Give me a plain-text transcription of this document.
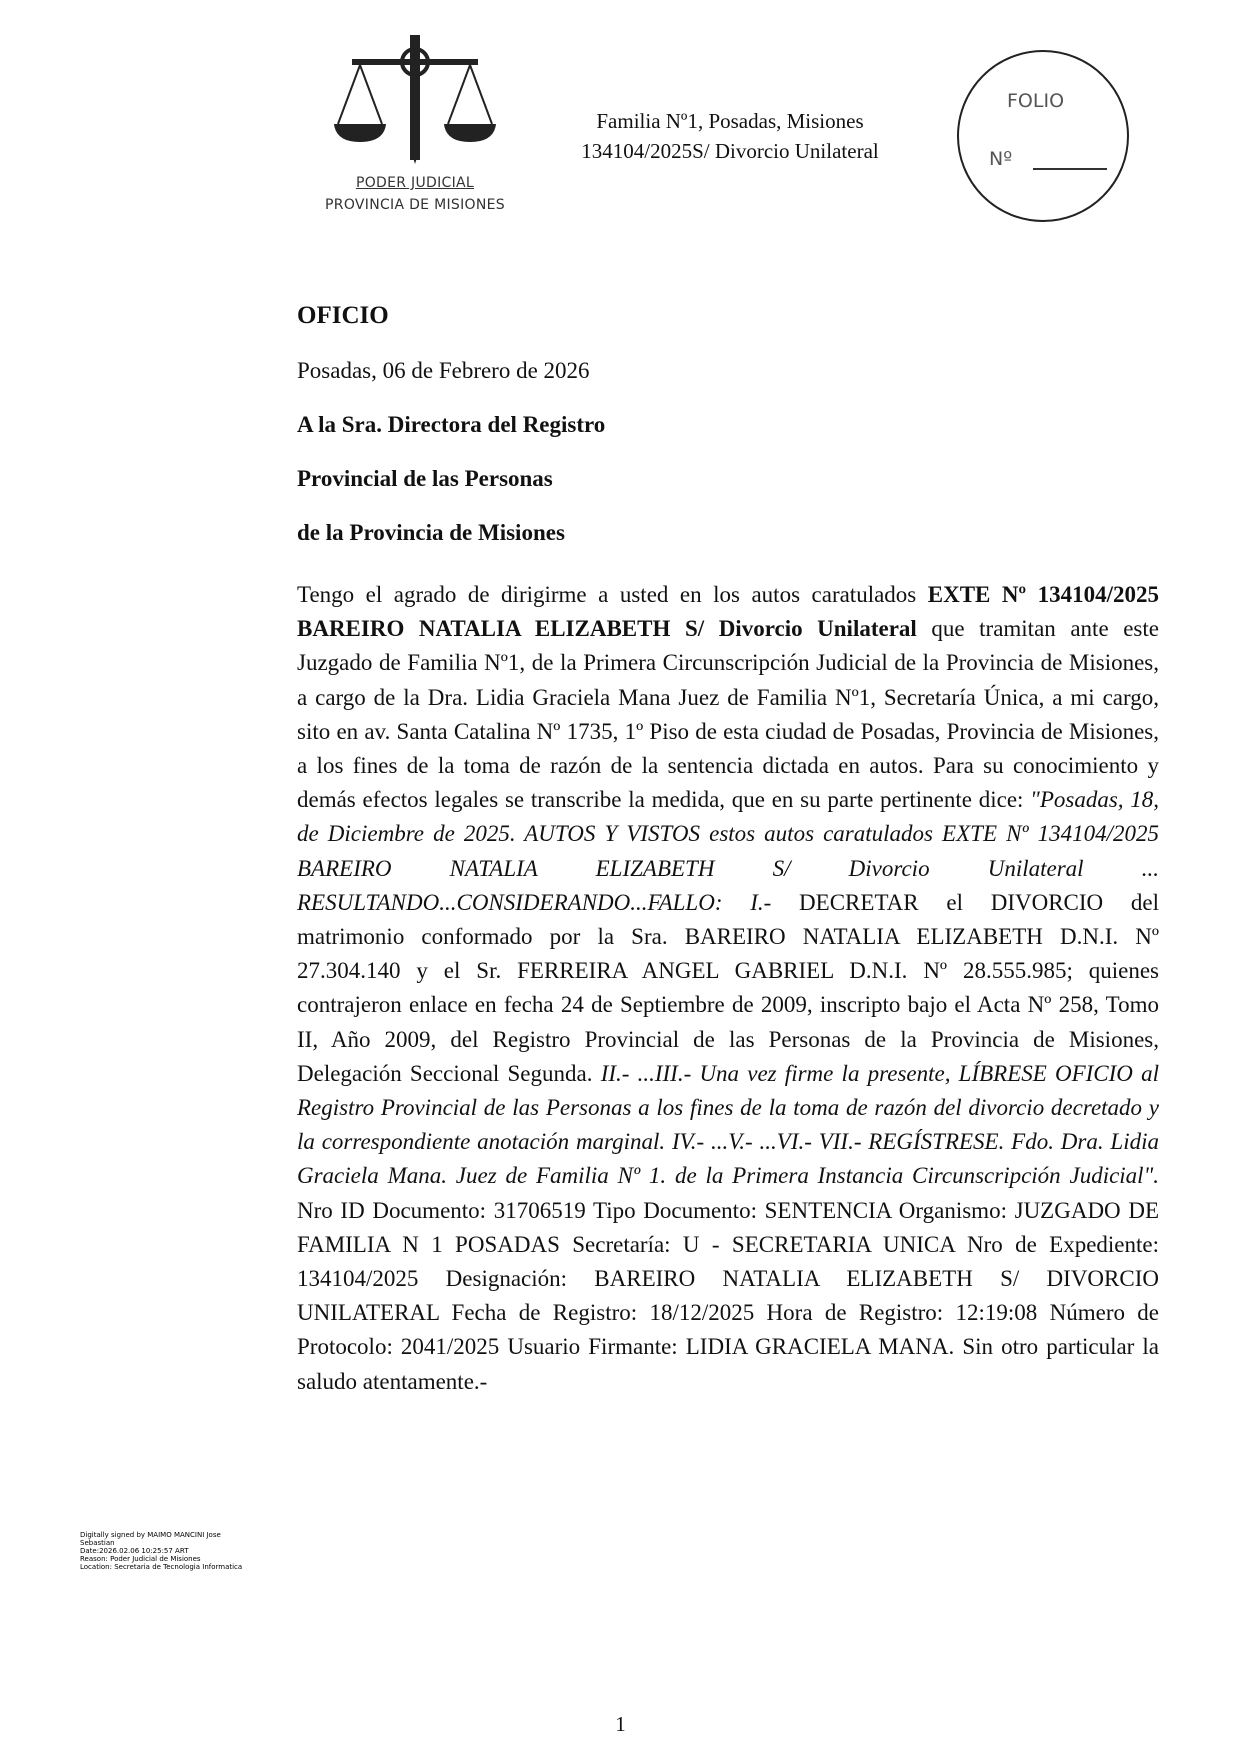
PODER JUDICIAL
PROVINCIA DE MISIONES
Familia Nº1, Posadas, Misiones
134104/2025S/ Divorcio Unilateral
FOLIO
Nº
OFICIO
Posadas, 06 de Febrero de 2026
A la Sra. Directora del Registro
Provincial de las Personas
de la Provincia de Misiones

Tengo el agrado de dirigirme a usted en los autos caratulados EXTE Nº 134104/2025 BAREIRO NATALIA ELIZABETH S/ Divorcio Unilateral que tramitan ante este Juzgado de Familia Nº1, de la Primera Circunscripción Judicial de la Provincia de Misiones, a cargo de la Dra. Lidia Graciela Mana Juez de Familia Nº1, Secretaría Única, a mi cargo, sito en av. Santa Catalina Nº 1735, 1º Piso de esta ciudad de Posadas, Provincia de Misiones, a los fines de la toma de razón de la sentencia dictada en autos. Para su conocimiento y demás efectos legales se transcribe la medida, que en su parte pertinente dice: "Posadas, 18, de Diciembre de 2025. AUTOS Y VISTOS estos autos caratulados EXTE Nº 134104/2025 BAREIRO NATALIA ELIZABETH S/ Divorcio Unilateral ... RESULTANDO...CONSIDERANDO...FALLO: I.- DECRETAR el DIVORCIO del matrimonio conformado por la Sra. BAREIRO NATALIA ELIZABETH D.N.I. Nº 27.304.140 y el Sr. FERREIRA ANGEL GABRIEL D.N.I. Nº 28.555.985; quienes contrajeron enlace en fecha 24 de Septiembre de 2009, inscripto bajo el Acta Nº 258, Tomo II, Año 2009, del Registro Provincial de las Personas de la Provincia de Misiones, Delegación Seccional Segunda. II.- ...III.- Una vez firme la presente, LÍBRESE OFICIO al Registro Provincial de las Personas a los fines de la toma de razón del divorcio decretado y la correspondiente anotación marginal. IV.- ...V.- ...VI.- VII.- REGÍSTRESE. Fdo. Dra. Lidia Graciela Mana. Juez de Familia Nº 1. de la Primera Instancia Circunscripción Judicial". Nro ID Documento: 31706519 Tipo Documento: SENTENCIA Organismo: JUZGADO DE FAMILIA N 1 POSADAS Secretaría: U - SECRETARIA UNICA Nro de Expediente: 134104/2025 Designación: BAREIRO NATALIA ELIZABETH S/ DIVORCIO UNILATERAL Fecha de Registro: 18/12/2025 Hora de Registro: 12:19:08 Número de Protocolo: 2041/2025 Usuario Firmante: LIDIA GRACIELA MANA. Sin otro particular la saludo atentamente.-

Digitally signed by MAIMO MANCINI Jose Sebastian
Date:2026.02.06 10:25:57 ART
Reason: Poder Judicial de Misiones
Location: Secretaria de Tecnologia Informatica
1
